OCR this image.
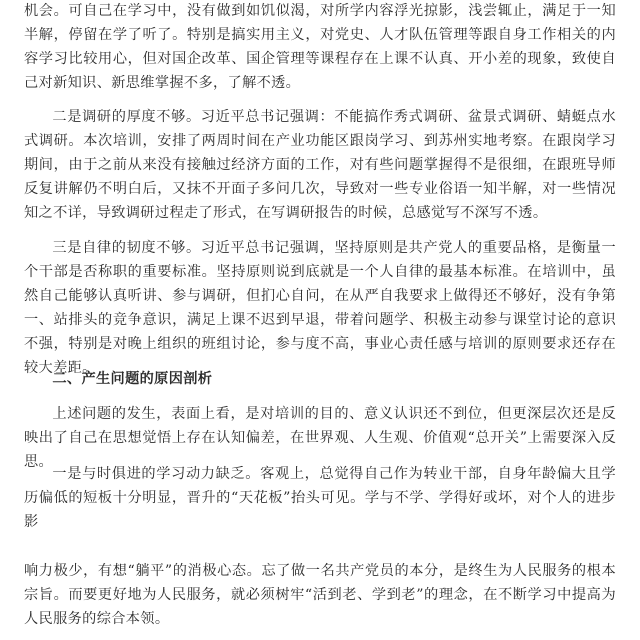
机会。可自己在学习中，没有做到如饥似渴，对所学内容浮光掠影，浅尝辄止，满足于一知半解，停留在学了听了。特别是搞实用主义，对党史、人才队伍管理等跟自身工作相关的内容学习比较用心，但对国企改革、国企管理等课程存在上课不认真、开小差的现象，致使自己对新知识、新思维掌握不多，了解不透。

二是调研的厚度不够。习近平总书记强调：不能搞作秀式调研、盆景式调研、蜻蜓点水式调研。本次培训，安排了两周时间在产业功能区跟岗学习、到苏州实地考察。在跟岗学习期间，由于之前从来没有接触过经济方面的工作，对有些问题掌握得不是很细，在跟班导师反复讲解仍不明白后，又抹不开面子多问几次，导致对一些专业俗语一知半解，对一些情况知之不详，导致调研过程走了形式，在写调研报告的时候，总感觉写不深写不透。

三是自律的韧度不够。习近平总书记强调，坚持原则是共产党人的重要品格，是衡量一个干部是否称职的重要标准。坚持原则说到底就是一个人自律的最基本标准。在培训中，虽然自己能够认真听讲、参与调研，但扪心自问，在从严自我要求上做得还不够好，没有争第一、站排头的竞争意识，满足上课不迟到早退，带着问题学、积极主动参与课堂讨论的意识不强，特别是对晚上组织的班组讨论，参与度不高，事业心责任感与培训的原则要求还存在较大差距。

二、产生问题的原因剖析

上述问题的发生，表面上看，是对培训的目的、意义认识还不到位，但更深层次还是反映出了自己在思想觉悟上存在认知偏差，在世界观、人生观、价值观“总开关”上需要深入反思。

一是与时俱进的学习动力缺乏。客观上，总觉得自己作为转业干部，自身年龄偏大且学历偏低的短板十分明显，晋升的“天花板”抬头可见。学与不学、学得好或坏，对个人的进步影

响力极少，有想“躺平”的消极心态。忘了做一名共产党员的本分，是终生为人民服务的根本宗旨。而要更好地为人民服务，就必须树牢“活到老、学到老”的理念，在不断学习中提高为人民服务的综合本领。
